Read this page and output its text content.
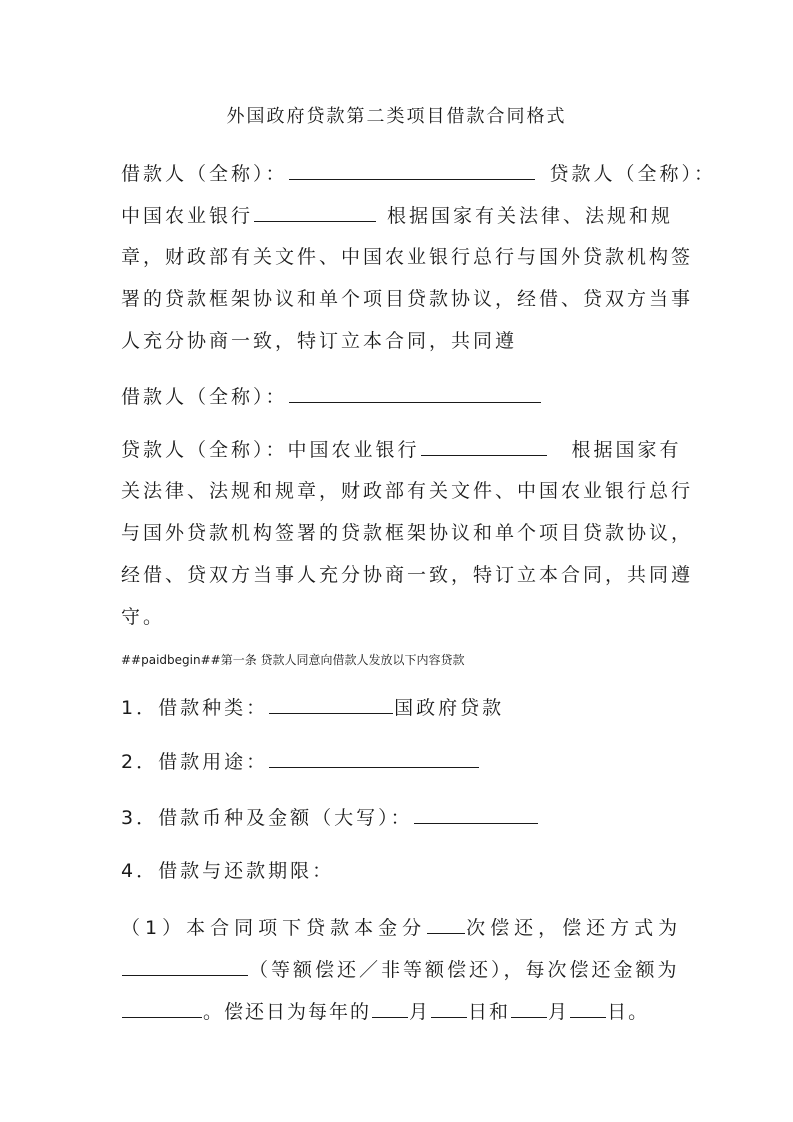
外国政府贷款第二类项目借款合同格式
借款人（全称）：	贷款人（全称）：
中国农业银行	根据国家有关法律、法规和规
章，财政部有关文件、中国农业银行总行与国外贷款机构签
署的贷款框架协议和单个项目贷款协议，经借、贷双方当事
人充分协商一致，特订立本合同，共同遵
借款人（全称）：
贷款人（全称）：中国农业银行	根据国家有
关法律、法规和规章，财政部有关文件、中国农业银行总行
与国外贷款机构签署的贷款框架协议和单个项目贷款协议，
经借、贷双方当事人充分协商一致，特订立本合同，共同遵
守。
##paidbegin##第一条 贷款人同意向借款人发放以下内容贷款
1．借款种类：	国政府贷款
2．借款用途：
3．借款币种及金额（大写）：
4．借款与还款期限：
（1）本合同项下贷款本金分 次偿还，偿还方式为
（等额偿还／非等额偿还），每次偿还金额为
。偿还日为每年的 月 日和 月 日。
